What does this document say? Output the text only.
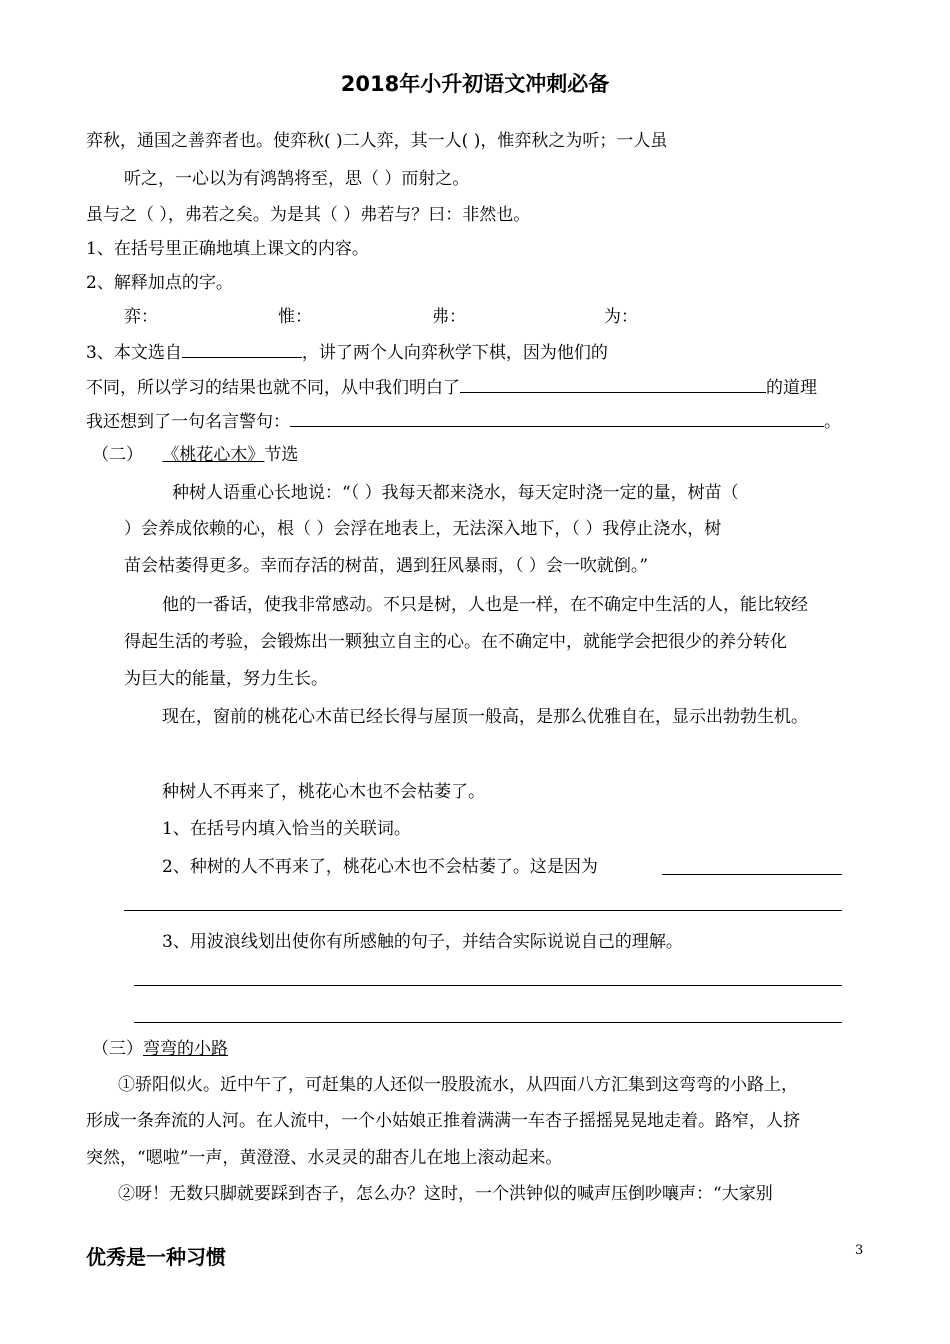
2018年小升初语文冲刺必备
弈秋，通国之善弈者也。使弈秋( )二人弈，其一人( )，惟弈秋之为听；一人虽
听之，一心以为有鸿鹄将至，思（ ）而射之。
虽与之（ ），弗若之矣。为是其（ ）弗若与？曰：非然也。
1、在括号里正确地填上课文的内容。
2、解释加点的字。
弈：	惟：	弗：	为：
3、本文选自	，讲了两个人向弈秋学下棋，因为他们的
不同，所以学习的结果也就不同，从中我们明白了	的道理
我还想到了一句名言警句：	。
（二） 《桃花心木》节选
种树人语重心长地说：“（ ）我每天都来浇水，每天定时浇一定的量，树苗（
）会养成依赖的心，根（ ）会浮在地表上，无法深入地下，（ ）我停止浇水，树
苗会枯萎得更多。幸而存活的树苗，遇到狂风暴雨，（ ）会一吹就倒。”
他的一番话，使我非常感动。不只是树，人也是一样，在不确定中生活的人，能比较经
得起生活的考验，会锻炼出一颗独立自主的心。在不确定中，就能学会把很少的养分转化
为巨大的能量，努力生长。
现在，窗前的桃花心木苗已经长得与屋顶一般高，是那么优雅自在，显示出勃勃生机。
种树人不再来了，桃花心木也不会枯萎了。
1、在括号内填入恰当的关联词。
2、种树的人不再来了，桃花心木也不会枯萎了。这是因为
3、用波浪线划出使你有所感触的句子，并结合实际说说自己的理解。
（三）弯弯的小路
①骄阳似火。近中午了，可赶集的人还似一股股流水，从四面八方汇集到这弯弯的小路上，
形成一条奔流的人河。在人流中，一个小姑娘正推着满满一车杏子摇摇晃晃地走着。路窄，人挤
突然，“嗯啦”一声，黄澄澄、水灵灵的甜杏儿在地上滚动起来。
②呀！无数只脚就要踩到杏子，怎么办？这时，一个洪钟似的喊声压倒吵嚷声：“大家别
优秀是一种习惯	3
